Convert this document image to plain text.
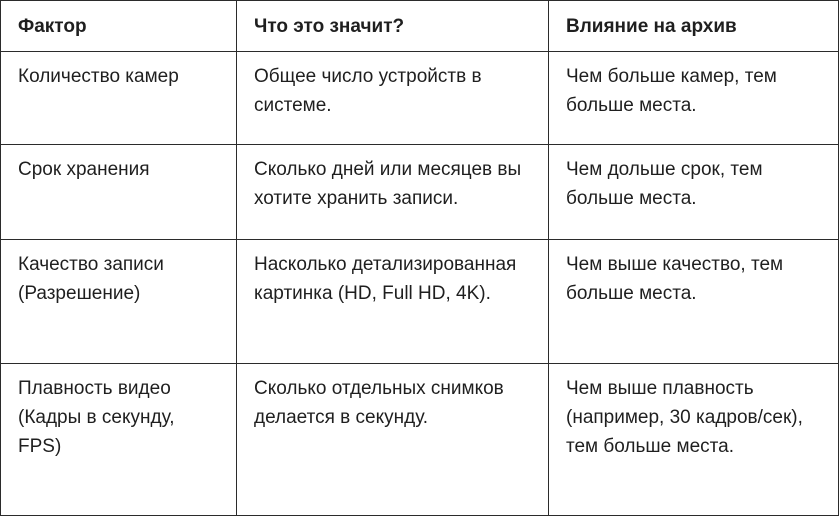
Фактор	Что это значит?	Влияние на архив
Количество камер	Общее число устройств в системе.	Чем больше камер, тем больше места.
Срок хранения	Сколько дней или месяцев вы хотите хранить записи.	Чем дольше срок, тем больше места.
Качество записи (Разрешение)	Насколько детализированная картинка (HD, Full HD, 4K).	Чем выше качество, тем больше места.
Плавность видео (Кадры в секунду, FPS)	Сколько отдельных снимков делается в секунду.	Чем выше плавность (например, 30 кадров/сек), тем больше места.
